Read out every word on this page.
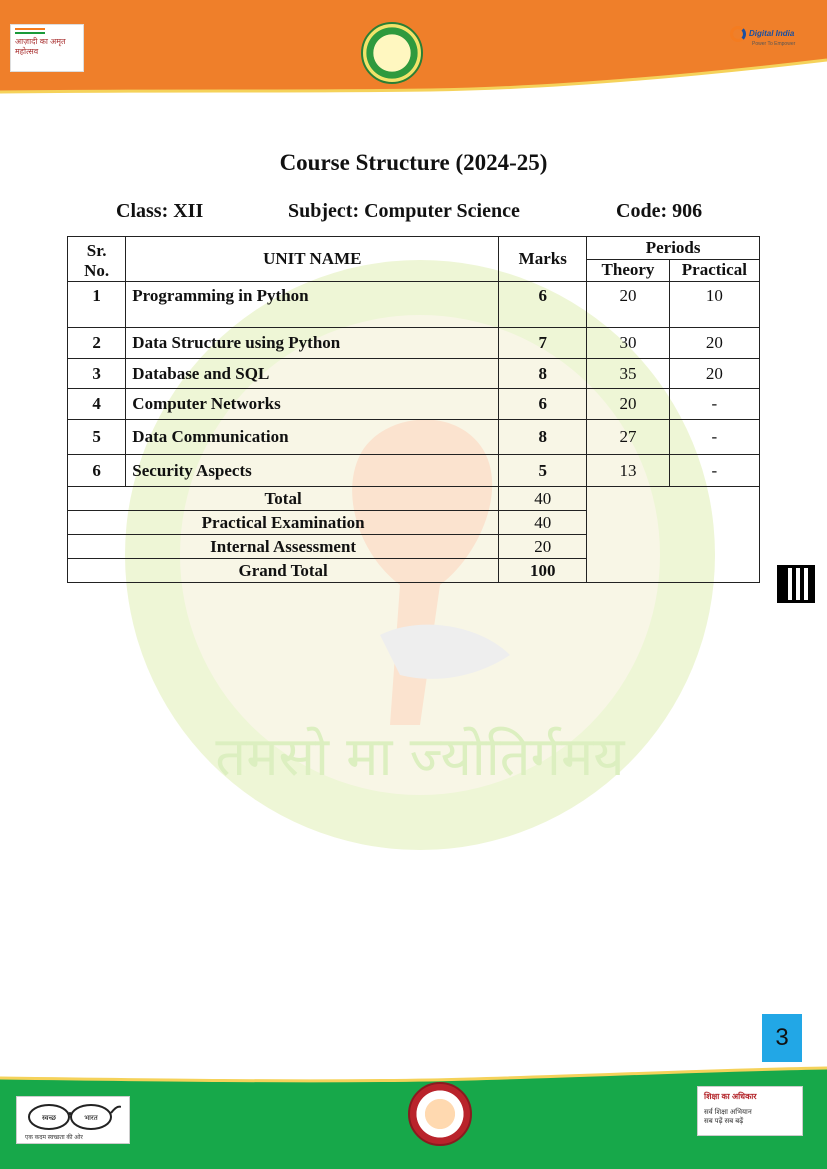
आज़ादी का अमृत महोत्सव
Digital India
Power To Empower
तमसो मा ज्योतिर्गमय
Course Structure (2024-25)
Class: XII	Subject: Computer Science	Code: 906
Sr. No.	UNIT NAME	Marks	Periods	
			Theory	Practical
1	Programming in Python	6	20	10
2	Data Structure using Python	7	30	20
3	Database and SQL	8	35	20
4	Computer Networks	6	20	-
5	Data Communication	8	27	-
6	Security Aspects	5	13	-
Total		40		
Practical Examination		40		
Internal Assessment		20		
Grand Total		100		
3
स्वच्छ	भारत
एक कदम स्वच्छता की ओर
शिक्षा का अधिकार
सर्व शिक्षा अभियान
सब पढ़ें सब बढ़ें
